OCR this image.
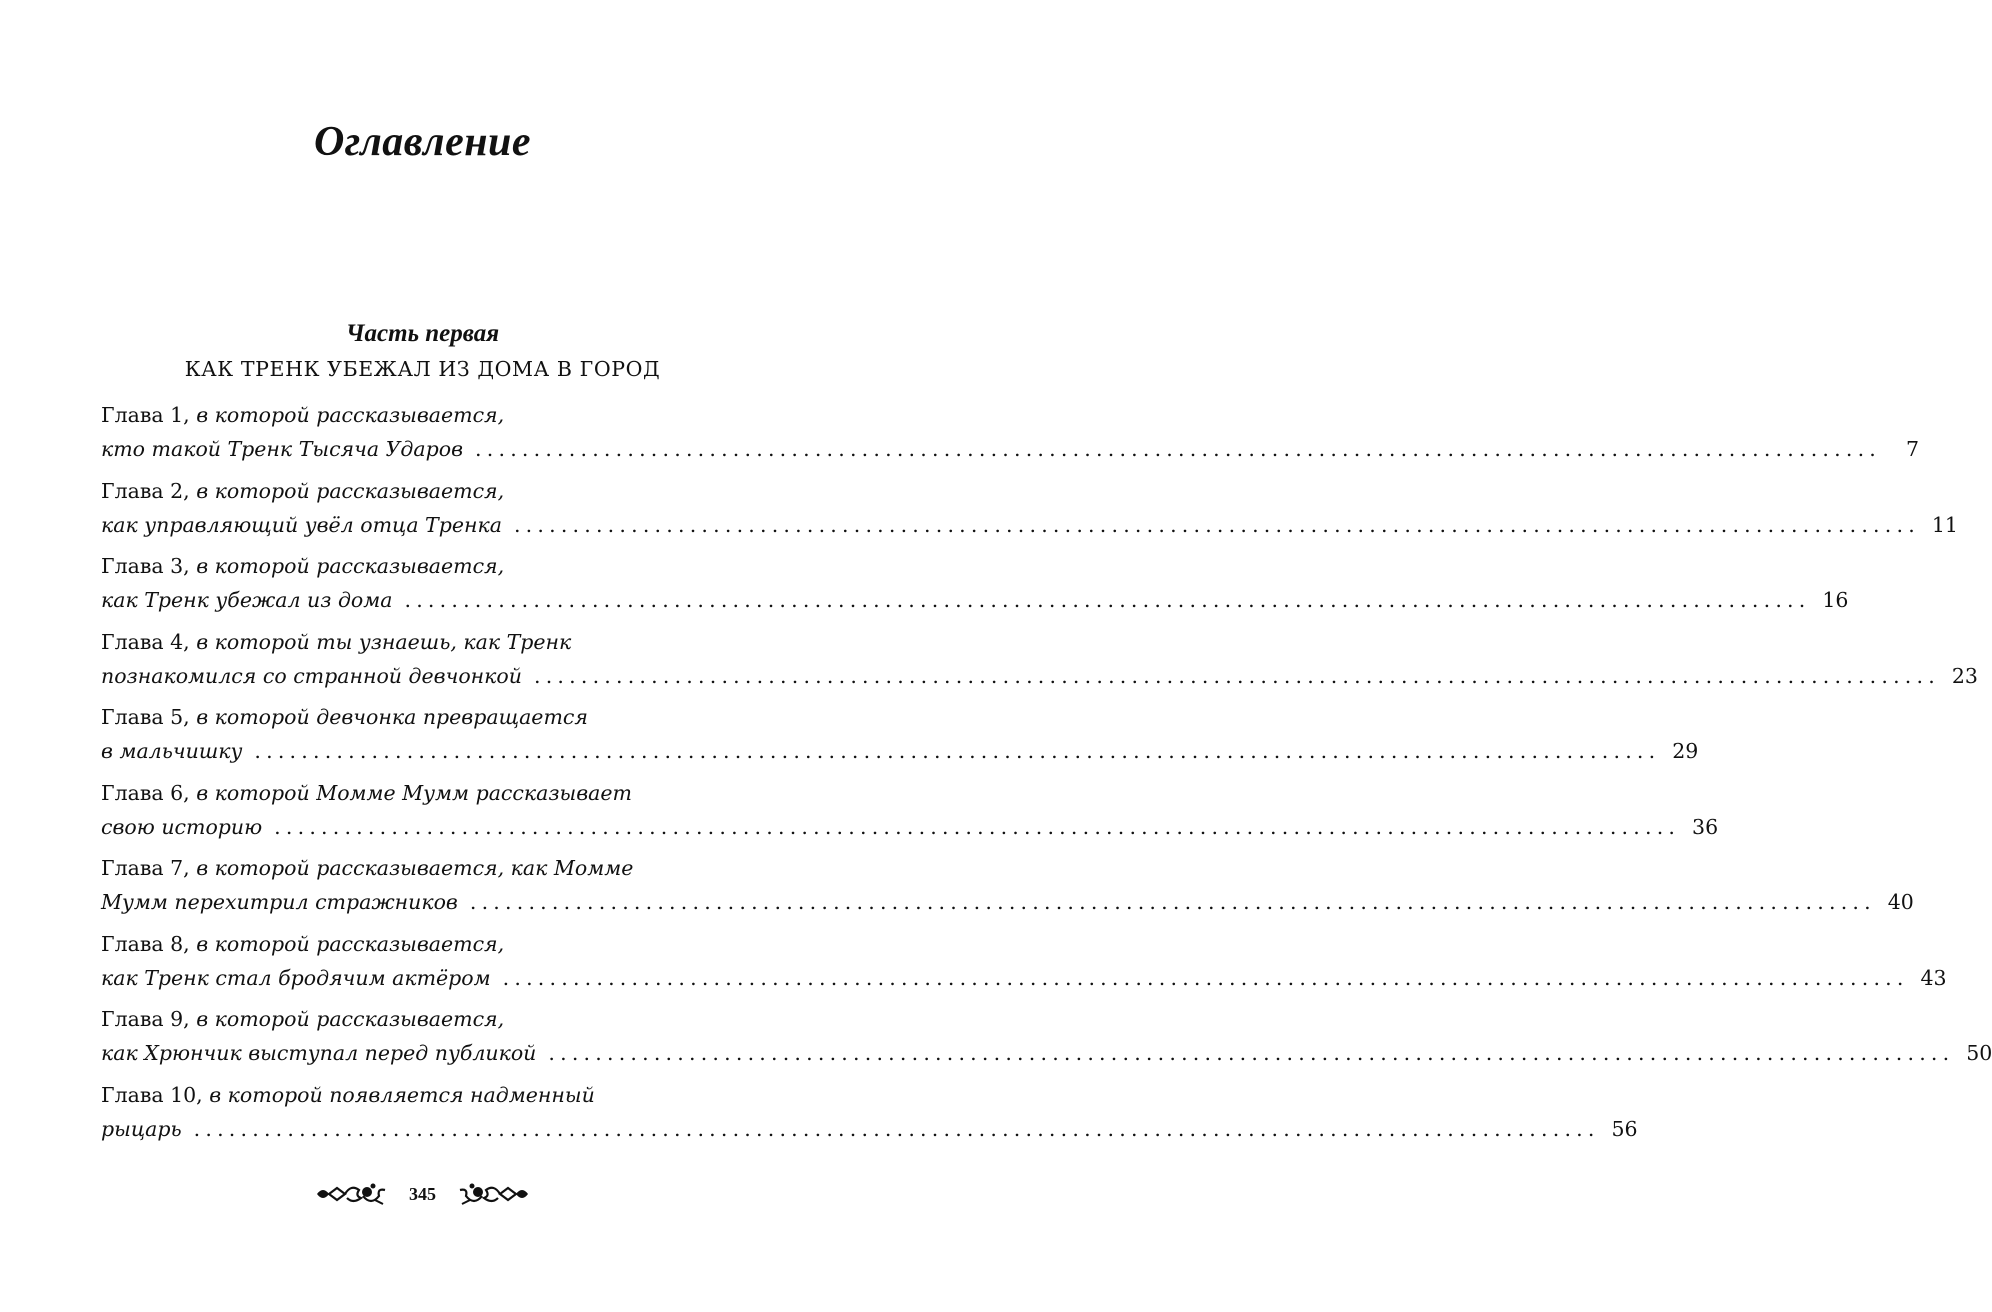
Оглавление
Часть первая
КАК ТРЕНК УБЕЖАЛ ИЗ ДОМА В ГОРОД
Глава 1, в которой рассказывается,
кто такой Тренк Тысяча Ударов ........................................................................................................................	7
Глава 2, в которой рассказывается,
как управляющий увёл отца Тренка ........................................................................................................................ 11
Глава 3, в которой рассказывается,
как Тренк убежал из дома ........................................................................................................................ 16
Глава 4, в которой ты узнаешь, как Тренк
познакомился со странной девчонкой ........................................................................................................................ 23
Глава 5, в которой девчонка превращается
в мальчишку ........................................................................................................................ 29
Глава 6, в которой Момме Мумм рассказывает
свою историю ........................................................................................................................ 36
Глава 7, в которой рассказывается, как Момме
Мумм перехитрил стражников ........................................................................................................................ 40
Глава 8, в которой рассказывается,
как Тренк стал бродячим актёром ........................................................................................................................ 43
Глава 9, в которой рассказывается,
как Хрюнчик выступал перед публикой ........................................................................................................................ 50
Глава 10, в которой появляется надменный
рыцарь ........................................................................................................................ 56
345
